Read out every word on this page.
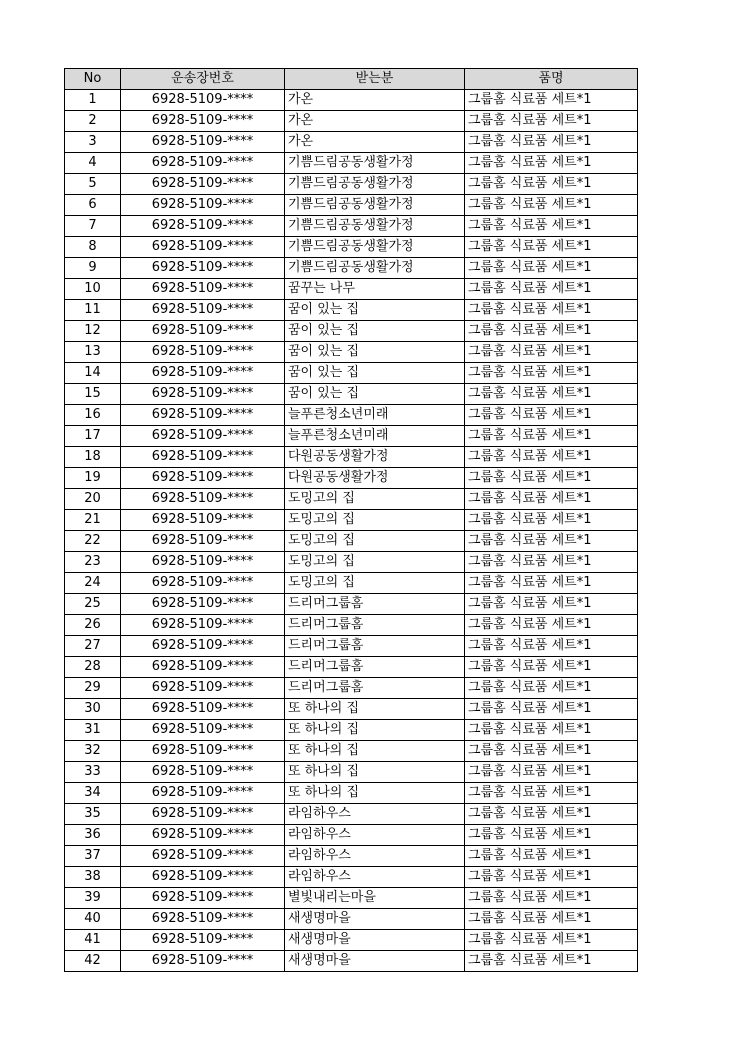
No	운송장번호	받는분	품명
1	6928-5109-****	가온	그룹홈 식료품 세트*1
2	6928-5109-****	가온	그룹홈 식료품 세트*1
3	6928-5109-****	가온	그룹홈 식료품 세트*1
4	6928-5109-****	기쁨드림공동생활가정	그룹홈 식료품 세트*1
5	6928-5109-****	기쁨드림공동생활가정	그룹홈 식료품 세트*1
6	6928-5109-****	기쁨드림공동생활가정	그룹홈 식료품 세트*1
7	6928-5109-****	기쁨드림공동생활가정	그룹홈 식료품 세트*1
8	6928-5109-****	기쁨드림공동생활가정	그룹홈 식료품 세트*1
9	6928-5109-****	기쁨드림공동생활가정	그룹홈 식료품 세트*1
10	6928-5109-****	꿈꾸는 나무	그룹홈 식료품 세트*1
11	6928-5109-****	꿈이 있는 집	그룹홈 식료품 세트*1
12	6928-5109-****	꿈이 있는 집	그룹홈 식료품 세트*1
13	6928-5109-****	꿈이 있는 집	그룹홈 식료품 세트*1
14	6928-5109-****	꿈이 있는 집	그룹홈 식료품 세트*1
15	6928-5109-****	꿈이 있는 집	그룹홈 식료품 세트*1
16	6928-5109-****	늘푸른청소년미래	그룹홈 식료품 세트*1
17	6928-5109-****	늘푸른청소년미래	그룹홈 식료품 세트*1
18	6928-5109-****	다원공동생활가정	그룹홈 식료품 세트*1
19	6928-5109-****	다원공동생활가정	그룹홈 식료품 세트*1
20	6928-5109-****	도밍고의 집	그룹홈 식료품 세트*1
21	6928-5109-****	도밍고의 집	그룹홈 식료품 세트*1
22	6928-5109-****	도밍고의 집	그룹홈 식료품 세트*1
23	6928-5109-****	도밍고의 집	그룹홈 식료품 세트*1
24	6928-5109-****	도밍고의 집	그룹홈 식료품 세트*1
25	6928-5109-****	드리머그룹홈	그룹홈 식료품 세트*1
26	6928-5109-****	드리머그룹홈	그룹홈 식료품 세트*1
27	6928-5109-****	드리머그룹홈	그룹홈 식료품 세트*1
28	6928-5109-****	드리머그룹홈	그룹홈 식료품 세트*1
29	6928-5109-****	드리머그룹홈	그룹홈 식료품 세트*1
30	6928-5109-****	또 하나의 집	그룹홈 식료품 세트*1
31	6928-5109-****	또 하나의 집	그룹홈 식료품 세트*1
32	6928-5109-****	또 하나의 집	그룹홈 식료품 세트*1
33	6928-5109-****	또 하나의 집	그룹홈 식료품 세트*1
34	6928-5109-****	또 하나의 집	그룹홈 식료품 세트*1
35	6928-5109-****	라임하우스	그룹홈 식료품 세트*1
36	6928-5109-****	라임하우스	그룹홈 식료품 세트*1
37	6928-5109-****	라임하우스	그룹홈 식료품 세트*1
38	6928-5109-****	라임하우스	그룹홈 식료품 세트*1
39	6928-5109-****	별빛내리는마을	그룹홈 식료품 세트*1
40	6928-5109-****	새생명마을	그룹홈 식료품 세트*1
41	6928-5109-****	새생명마을	그룹홈 식료품 세트*1
42	6928-5109-****	새생명마을	그룹홈 식료품 세트*1
